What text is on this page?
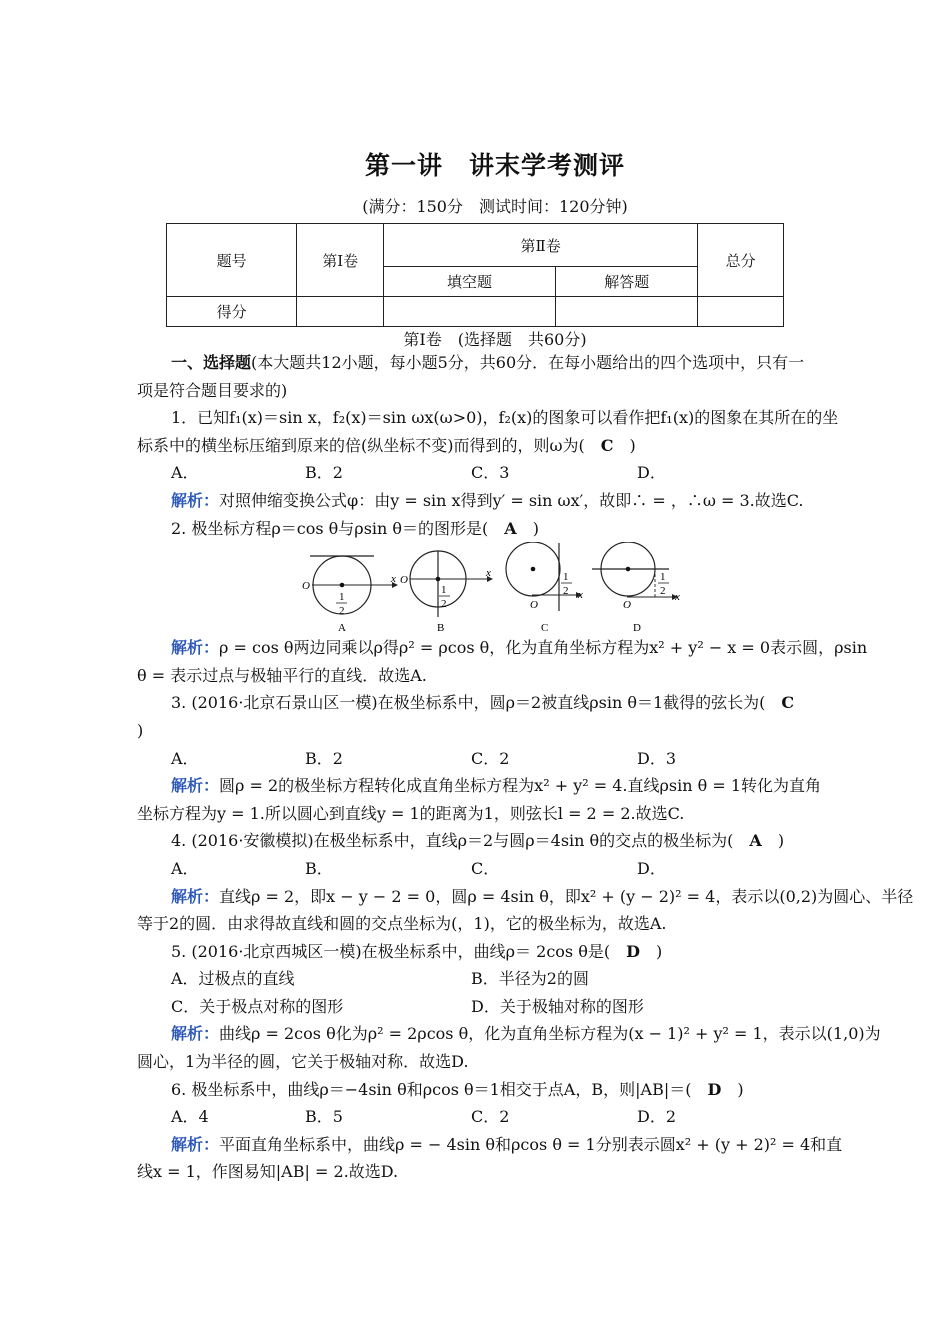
第一讲　讲末学考测评
(满分：150分　测试时间：120分钟)
题号	第Ⅰ卷	第Ⅱ卷		总分
		填空题	解答题	
得分				
第Ⅰ卷　(选择题　共60分)
一、选择题(本大题共12小题，每小题5分，共60分．在每小题给出的四个选项中，只有一
项是符合题目要求的)
1．已知f₁(x)＝sin x，f₂(x)＝sin ωx(ω>0)，f₂(x)的图象可以看作把f₁(x)的图象在其所在的坐
标系中的横坐标压缩到原来的倍(纵坐标不变)而得到的，则ω为(　C　)
A．	B．2	C．3	D．
解析：对照伸缩变换公式φ：由y = sin x得到y′ = sin ωx′，故即∴ = ，∴ω = 3.故选C.
2. 极坐标方程ρ＝cos θ与ρsin θ＝的图形是(　A　)
O
x
1
2
A
O
x
1
2
B
O
x
1
2
C
O
x
1
2
D
解析：ρ = cos θ两边同乘以ρ得ρ² = ρcos θ，化为直角坐标方程为x² + y² − x = 0表示圆，ρsin
θ = 表示过点与极轴平行的直线．故选A.
3. (2016·北京石景山区一模)在极坐标系中，圆ρ＝2被直线ρsin θ＝1截得的弦长为(　C
)
A．	B．2	C．2	D．3
解析：圆ρ = 2的极坐标方程转化成直角坐标方程为x² + y² = 4.直线ρsin θ = 1转化为直角
坐标方程为y = 1.所以圆心到直线y = 1的距离为1，则弦长l = 2 = 2.故选C.
4. (2016·安徽模拟)在极坐标系中，直线ρ＝2与圆ρ＝4sin θ的交点的极坐标为(　A　)
A．	B．	C．	D．
解析：直线ρ = 2，即x − y − 2 = 0，圆ρ = 4sin θ，即x² + (y − 2)² = 4，表示以(0,2)为圆心、半径
等于2的圆．由求得故直线和圆的交点坐标为(，1)，它的极坐标为，故选A.
5. (2016·北京西城区一模)在极坐标系中，曲线ρ＝ 2cos θ是(　D　)
A．过极点的直线	B．半径为2的圆
C．关于极点对称的图形	D．关于极轴对称的图形
解析：曲线ρ = 2cos θ化为ρ² = 2ρcos θ，化为直角坐标方程为(x − 1)² + y² = 1，表示以(1,0)为
圆心，1为半径的圆，它关于极轴对称．故选D.
6. 极坐标系中，曲线ρ＝−4sin θ和ρcos θ＝1相交于点A，B，则|AB|＝(　D　)
A．4	B．5	C．2	D．2
解析：平面直角坐标系中，曲线ρ = − 4sin θ和ρcos θ = 1分别表示圆x² + (y + 2)² = 4和直
线x = 1，作图易知|AB| = 2.故选D.
